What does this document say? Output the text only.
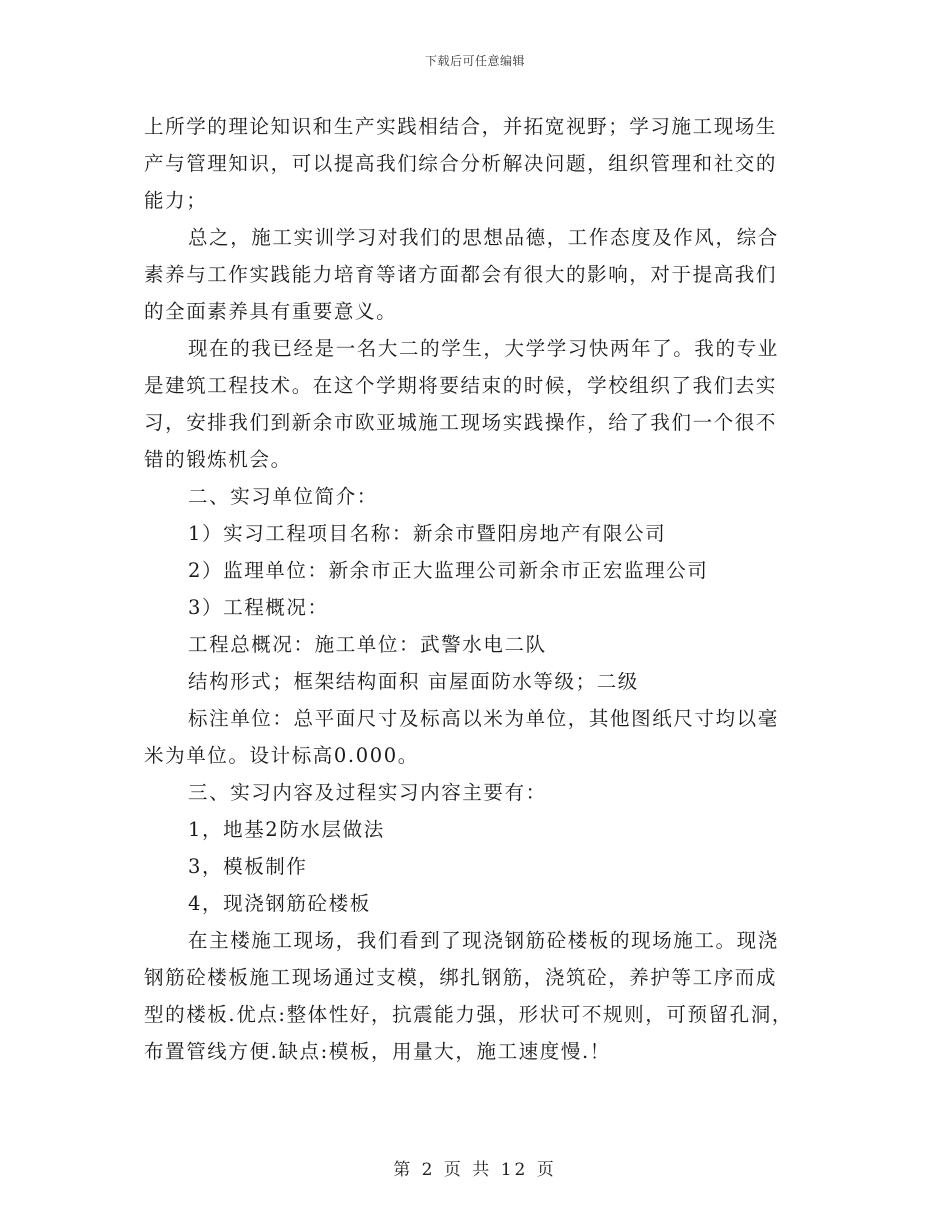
下载后可任意编辑

上所学的理论知识和生产实践相结合，并拓宽视野；学习施工现场生

产与管理知识，可以提高我们综合分析解决问题，组织管理和社交的

能力；

总之，施工实训学习对我们的思想品德，工作态度及作风，综合

素养与工作实践能力培育等诸方面都会有很大的影响，对于提高我们

的全面素养具有重要意义。

现在的我已经是一名大二的学生，大学学习快两年了。我的专业

是建筑工程技术。在这个学期将要结束的时候，学校组织了我们去实

习，安排我们到新余市欧亚城施工现场实践操作，给了我们一个很不

错的锻炼机会。

二、实习单位简介：

1）实习工程项目名称：新余市暨阳房地产有限公司

2）监理单位：新余市正大监理公司新余市正宏监理公司

3）工程概况：

工程总概况：施工单位：武警水电二队

结构形式；框架结构面积 亩屋面防水等级；二级

标注单位：总平面尺寸及标高以米为单位，其他图纸尺寸均以毫

米为单位。设计标高0.000。

三、实习内容及过程实习内容主要有：

1，地基2防水层做法

3，模板制作

4，现浇钢筋砼楼板

在主楼施工现场，我们看到了现浇钢筋砼楼板的现场施工。现浇

钢筋砼楼板施工现场通过支模，绑扎钢筋，浇筑砼，养护等工序而成

型的楼板.优点:整体性好，抗震能力强，形状可不规则，可预留孔洞，

布置管线方便.缺点:模板，用量大，施工速度慢.！

第 2 页 共 12 页
